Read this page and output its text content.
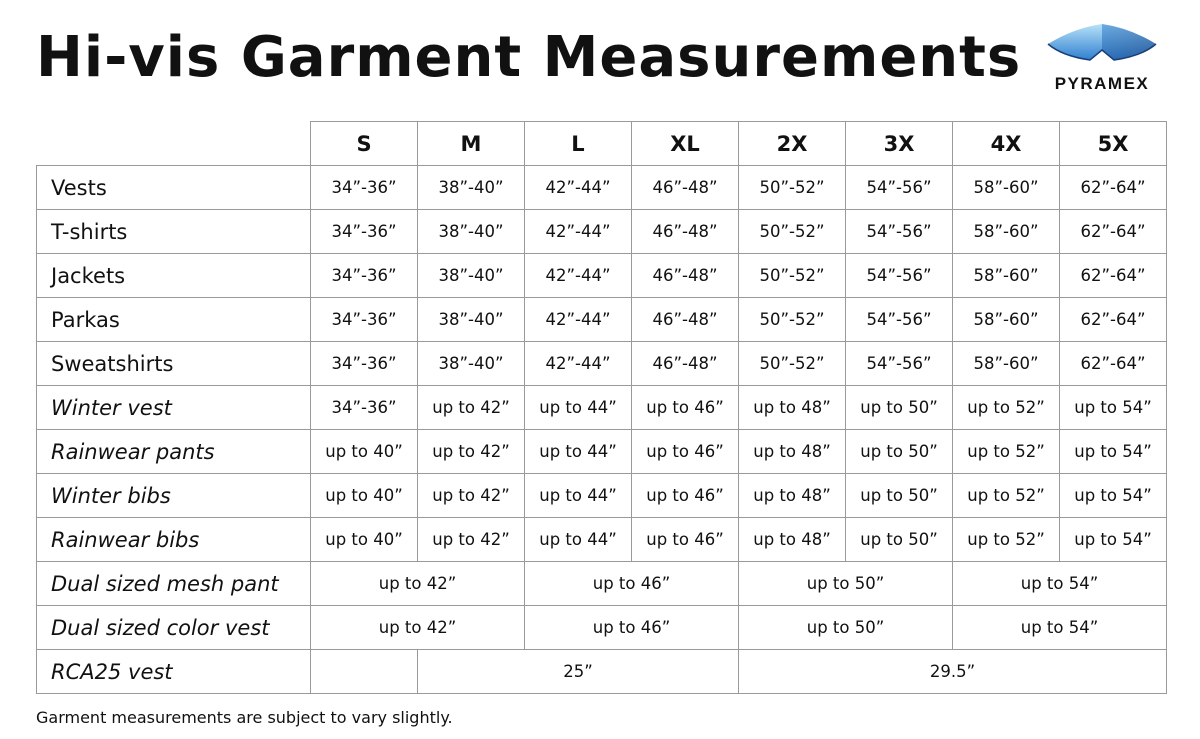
Hi-vis Garment Measurements	PYRAMEX
	S	M	L	XL	2X	3X	4X	5X
Vests	34”-36”	38”-40”	42”-44”	46”-48”	50”-52”	54”-56”	58”-60”	62”-64”
T-shirts	34”-36”	38”-40”	42”-44”	46”-48”	50”-52”	54”-56”	58”-60”	62”-64”
Jackets	34”-36”	38”-40”	42”-44”	46”-48”	50”-52”	54”-56”	58”-60”	62”-64”
Parkas	34”-36”	38”-40”	42”-44”	46”-48”	50”-52”	54”-56”	58”-60”	62”-64”
Sweatshirts	34”-36”	38”-40”	42”-44”	46”-48”	50”-52”	54”-56”	58”-60”	62”-64”
Winter vest	34”-36”	up to 42”	up to 44”	up to 46”	up to 48”	up to 50”	up to 52”	up to 54”
Rainwear pants	up to 40”	up to 42”	up to 44”	up to 46”	up to 48”	up to 50”	up to 52”	up to 54”
Winter bibs	up to 40”	up to 42”	up to 44”	up to 46”	up to 48”	up to 50”	up to 52”	up to 54”
Rainwear bibs	up to 40”	up to 42”	up to 44”	up to 46”	up to 48”	up to 50”	up to 52”	up to 54”
Dual sized mesh pant	up to 42”		up to 46”		up to 50”		up to 54”	
Dual sized color vest	up to 42”		up to 46”		up to 50”		up to 54”	
RCA25 vest		25”			29.5”			

Garment measurements are subject to vary slightly.
